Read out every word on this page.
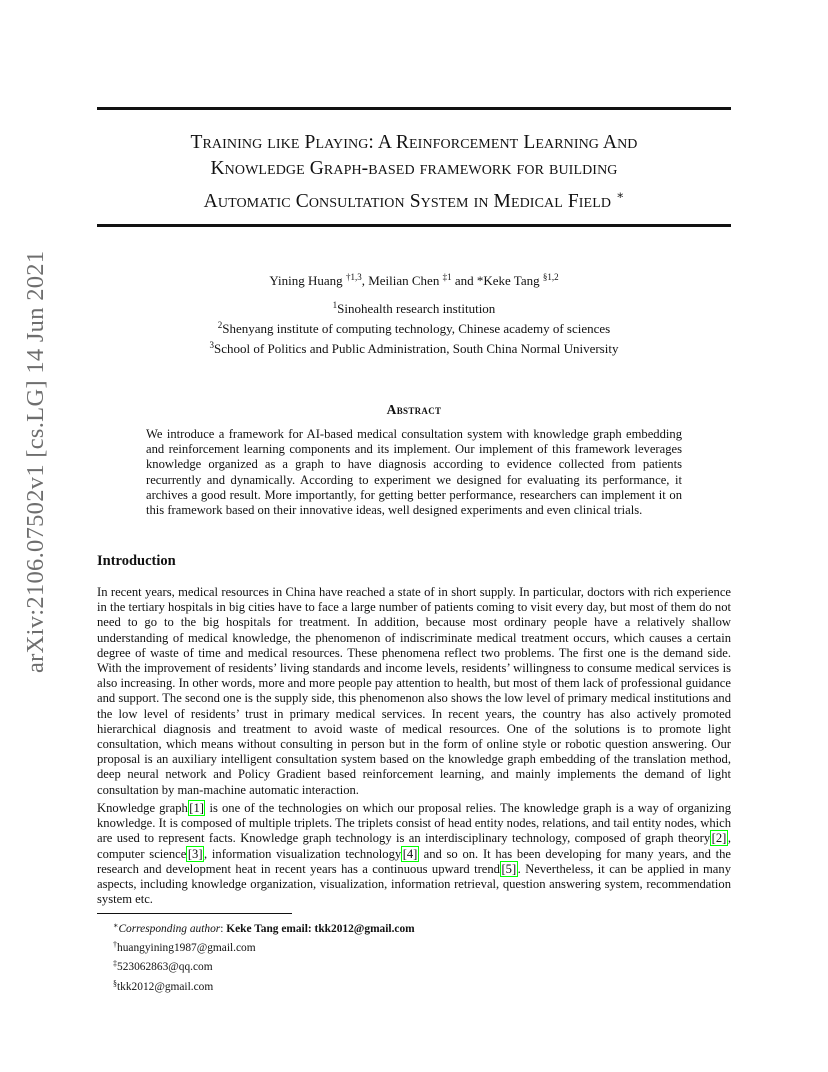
arXiv:2106.07502v1 [cs.LG] 14 Jun 2021
Training like Playing: A Reinforcement Learning And
Knowledge Graph-based framework for building
Automatic Consultation System in Medical Field ∗
Yining Huang $^{\dagger 1,3}$, Meilian Chen $^{\ddagger 1}$ and *Keke Tang $^{\S 1,2}$
$^1$Sinohealth research institution
$^2$Shenyang institute of computing technology, Chinese academy of sciences
$^3$School of Politics and Public Administration, South China Normal University
Abstract
We introduce a framework for AI-based medical consultation system with knowledge graph embedding and reinforcement learning components and its implement. Our implement of this framework leverages knowledge organized as a graph to have diagnosis according to evidence collected from patients recurrently and dynamically. According to experiment we designed for evaluating its performance, it archives a good result. More importantly, for getting better performance, researchers can implement it on this framework based on their innovative ideas, well designed experiments and even clinical trials.
Introduction

In recent years, medical resources in China have reached a state of in short supply. In particular, doctors with rich experience in the tertiary hospitals in big cities have to face a large number of patients coming to visit every day, but most of them do not need to go to the big hospitals for treatment. In addition, because most ordinary people have a relatively shallow understanding of medical knowledge, the phenomenon of indiscriminate medical treatment occurs, which causes a certain degree of waste of time and medical resources. These phenomena reflect two problems. The first one is the demand side. With the improvement of residents’ living standards and income levels, residents’ willingness to consume medical services is also increasing. In other words, more and more people pay attention to health, but most of them lack of professional guidance and support. The second one is the supply side, this phenomenon also shows the low level of primary medical institutions and the low level of residents’ trust in primary medical services. In recent years, the country has also actively promoted hierarchical diagnosis and treatment to avoid waste of medical resources. One of the solutions is to promote light consultation, which means without consulting in person but in the form of online style or robotic question answering. Our proposal is an auxiliary intelligent consultation system based on the knowledge graph embedding of the translation method, deep neural network and Policy Gradient based reinforcement learning, and mainly implements the demand of light consultation by man-machine automatic interaction.

Knowledge graph [1] is one of the technologies on which our proposal relies. The knowledge graph is a way of organizing knowledge. It is composed of multiple triplets. The triplets consist of head entity nodes, relations, and tail entity nodes, which are used to represent facts. Knowledge graph technology is an interdisciplinary technology, composed of graph theory [2] , computer science [3] , information visualization technology [4] and so on. It has been developing for many years, and the research and development heat in recent years has a continuous upward trend [5] . Nevertheless, it can be applied in many aspects, including knowledge organization, visualization, information retrieval, question answering system, recommendation system etc.

∗Corresponding author: Keke Tang email: tkk2012@gmail.com
†huangyining1987@gmail.com
‡523062863@qq.com
§tkk2012@gmail.com
